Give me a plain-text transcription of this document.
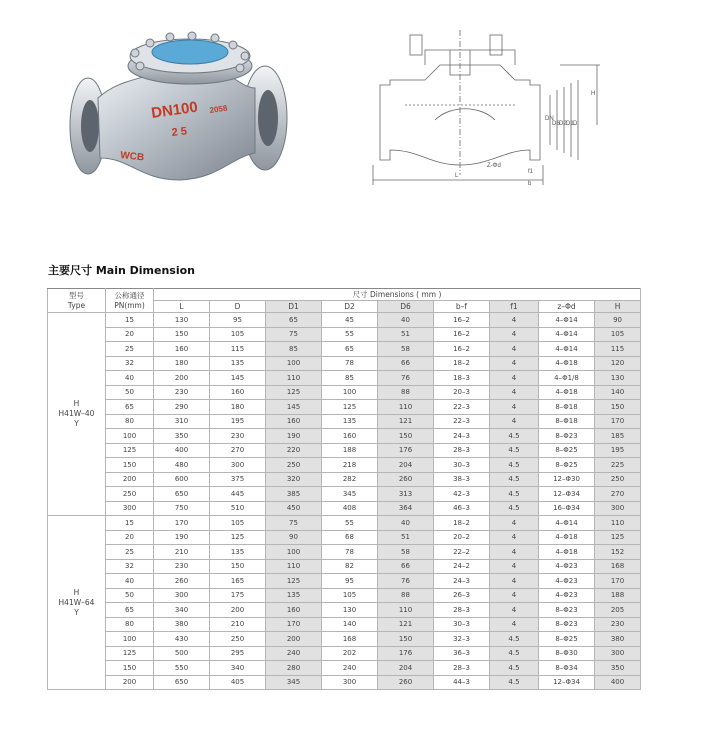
DN100 2058
2 5
WCB
H
DN
D6 D2 D1 D
L
Z-Φd
f1
b
主要尺寸 Main Dimension
型号
Type	公称通径
PN(mm)	尺寸 Dimensions ( mm )								
		L	D	D1	D2	D6	b–f	f1	z–Φd	H

H
H41W–40
Y	15	130	95	65	45	40	16–2	4	4–Φ14	90
	20	150	105	75	55	51	16–2	4	4–Φ14	105
	25	160	115	85	65	58	16–2	4	4–Φ14	115
	32	180	135	100	78	66	18–2	4	4–Φ18	120
	40	200	145	110	85	76	18–3	4	4–Φ1/8	130
	50	230	160	125	100	88	20–3	4	4–Φ18	140
	65	290	180	145	125	110	22–3	4	8–Φ18	150
	80	310	195	160	135	121	22–3	4	8–Φ18	170
	100	350	230	190	160	150	24–3	4.5	8–Φ23	185
	125	400	270	220	188	176	28–3	4.5	8–Φ25	195
	150	480	300	250	218	204	30–3	4.5	8–Φ25	225
	200	600	375	320	282	260	38–3	4.5	12–Φ30	250
	250	650	445	385	345	313	42–3	4.5	12–Φ34	270
	300	750	510	450	408	364	46–3	4.5	16–Φ34	300

H
H41W–64
Y	15	170	105	75	55	40	18–2	4	4–Φ14	110
	20	190	125	90	68	51	20–2	4	4–Φ18	125
	25	210	135	100	78	58	22–2	4	4–Φ18	152
	32	230	150	110	82	66	24–2	4	4–Φ23	168
	40	260	165	125	95	76	24–3	4	4–Φ23	170
	50	300	175	135	105	88	26–3	4	4–Φ23	188
	65	340	200	160	130	110	28–3	4	8–Φ23	205
	80	380	210	170	140	121	30–3	4	8–Φ23	230
	100	430	250	200	168	150	32–3	4.5	8–Φ25	380
	125	500	295	240	202	176	36–3	4.5	8–Φ30	300
	150	550	340	280	240	204	28–3	4.5	8–Φ34	350
	200	650	405	345	300	260	44–3	4.5	12–Φ34	400
